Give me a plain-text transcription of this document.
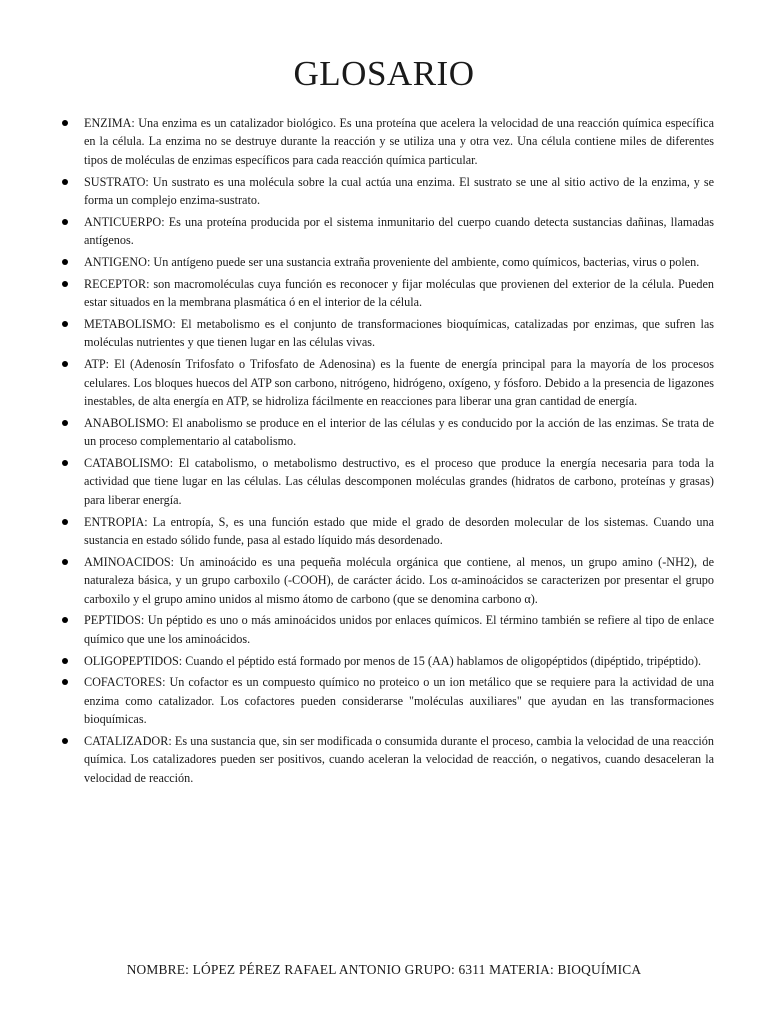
GLOSARIO
ENZIMA: Una enzima es un catalizador biológico. Es una proteína que acelera la velocidad de una reacción química específica en la célula. La enzima no se destruye durante la reacción y se utiliza una y otra vez. Una célula contiene miles de diferentes tipos de moléculas de enzimas específicos para cada reacción química particular.
SUSTRATO: Un sustrato es una molécula sobre la cual actúa una enzima. El sustrato se une al sitio activo de la enzima, y se forma un complejo enzima-sustrato.
ANTICUERPO: Es una proteína producida por el sistema inmunitario del cuerpo cuando detecta sustancias dañinas, llamadas antígenos.
ANTIGENO: Un antígeno puede ser una sustancia extraña proveniente del ambiente, como químicos, bacterias, virus o polen.
RECEPTOR: son macromoléculas cuya función es reconocer y fijar moléculas que provienen del exterior de la célula. Pueden estar situados en la membrana plasmática ó en el interior de la célula.
METABOLISMO: El metabolismo es el conjunto de transformaciones bioquímicas, catalizadas por enzimas, que sufren las moléculas nutrientes y que tienen lugar en las células vivas.
ATP: El (Adenosín Trifosfato o Trifosfato de Adenosina) es la fuente de energía principal para la mayoría de los procesos celulares. Los bloques huecos del ATP son carbono, nitrógeno, hidrógeno, oxígeno, y fósforo. Debido a la presencia de ligazones inestables, de alta energía en ATP, se hidroliza fácilmente en reacciones para liberar una gran cantidad de energía.
ANABOLISMO: El anabolismo se produce en el interior de las células y es conducido por la acción de las enzimas. Se trata de un proceso complementario al catabolismo.
CATABOLISMO: El catabolismo, o metabolismo destructivo, es el proceso que produce la energía necesaria para toda la actividad que tiene lugar en las células. Las células descomponen moléculas grandes (hidratos de carbono, proteínas y grasas) para liberar energía.
ENTROPIA: La entropía, S, es una función estado que mide el grado de desorden molecular de los sistemas. Cuando una sustancia en estado sólido funde, pasa al estado líquido más desordenado.
AMINOACIDOS: Un aminoácido es una pequeña molécula orgánica que contiene, al menos, un grupo amino (-NH2), de naturaleza básica, y un grupo carboxilo (-COOH), de carácter ácido. Los α-aminoácidos se caracterizen por presentar el grupo carboxilo y el grupo amino unidos al mismo átomo de carbono (que se denomina carbono α).
PEPTIDOS: Un péptido es uno o más aminoácidos unidos por enlaces químicos. El término también se refiere al tipo de enlace químico que une los aminoácidos.
OLIGOPEPTIDOS: Cuando el péptido está formado por menos de 15 (AA) hablamos de oligopéptidos (dipéptido, tripéptido).
COFACTORES: Un cofactor es un compuesto químico no proteico o un ion metálico que se requiere para la actividad de una enzima como catalizador. Los cofactores pueden considerarse "moléculas auxiliares" que ayudan en las transformaciones bioquímicas.
CATALIZADOR: Es una sustancia que, sin ser modificada o consumida durante el proceso, cambia la velocidad de una reacción química. Los catalizadores pueden ser positivos, cuando aceleran la velocidad de reacción, o negativos, cuando desaceleran la velocidad de reacción.
NOMBRE: LÓPEZ PÉREZ RAFAEL ANTONIO GRUPO: 6311 MATERIA: BIOQUÍMICA
